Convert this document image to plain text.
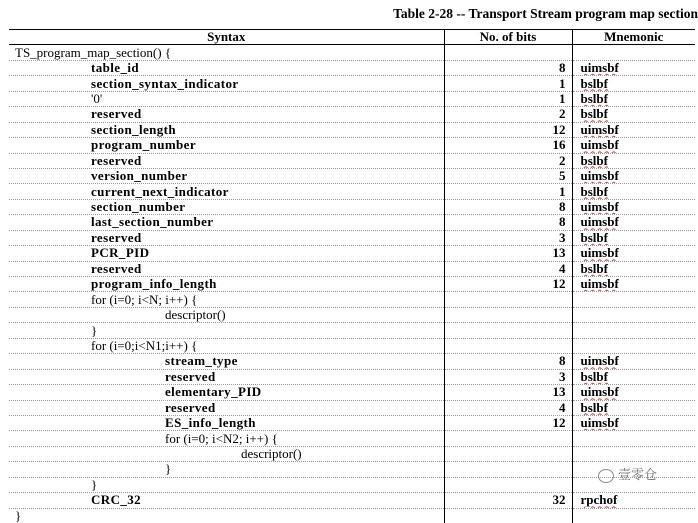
Table 2-28 -- Transport Stream program map section
Syntax	No. of bits	Mnemonic
TS_program_map_section() {		
table_id	8	uimsbf
section_syntax_indicator	1	bslbf
'0'	1	bslbf
reserved	2	bslbf
section_length	12	uimsbf
program_number	16	uimsbf
reserved	2	bslbf
version_number	5	uimsbf
current_next_indicator	1	bslbf
section_number	8	uimsbf
last_section_number	8	uimsbf
reserved	3	bslbf
PCR_PID	13	uimsbf
reserved	4	bslbf
program_info_length	12	uimsbf
for (i=0; i<N; i++) {		
descriptor()		
}		
for (i=0;i<N1;i++) {		
stream_type	8	uimsbf
reserved	3	bslbf
elementary_PID	13	uimsbf
reserved	4	bslbf
ES_info_length	12	uimsbf
for (i=0; i<N2; i++) {		
descriptor()		
}		
}		
CRC_32	32	rpchof
}		
壹零仓
